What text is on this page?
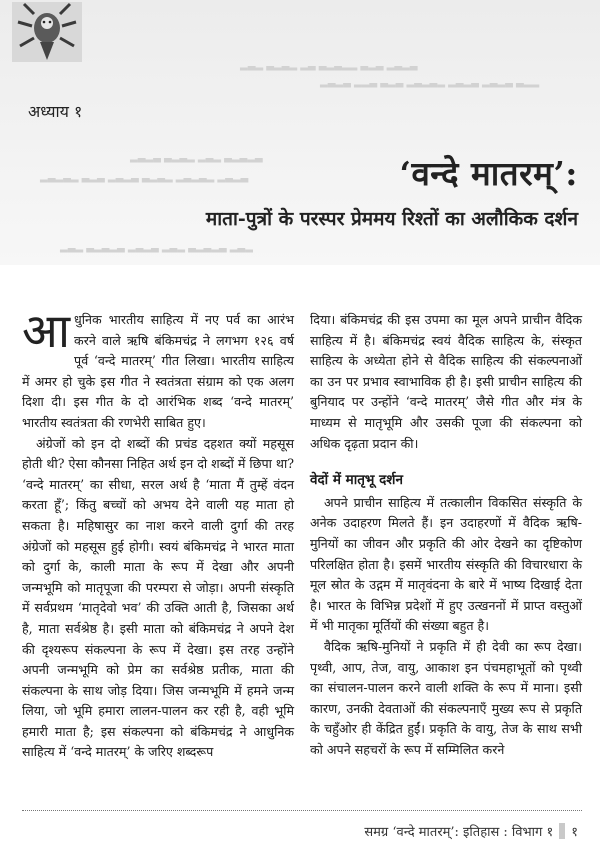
▂▃▂ ▃▂▃▂ ▂▃ ▃▂▃▂▂ ▃▂▃ ▂▃▂▃
▂▃▂▃ ▂▂▃ ▃▂▃ ▂▃▂▃▂ ▂▃▂▃ ▂▃▂▃ ▃▂▂
▂▃▂▃ ▃▂▃▂ ▂▃▂ ▃▂▃▂▃
▂▃▂▃▂ ▃▂▃ ▂▃▂▃ ▃▂▃▂ ▂▃▂▃▂ ▂▃▂▃
▂▃▂ ▃▂▃▂▃ ▂▃▂▃ ▂▃▂ ▃▂▃▂▃ ▂▃▂
अध्याय १
‘वन्दे मातरम्’:
माता-पुत्रों के परस्पर प्रेममय रिश्तों का अलौकिक दर्शन

आधुनिक भारतीय साहित्य में नए पर्व का आरंभ करने वाले ऋषि बंकिमचंद्र ने लगभग १२६ वर्ष पूर्व ‘वन्दे मातरम्’ गीत लिखा। भारतीय साहित्य में अमर हो चुके इस गीत ने स्वतंत्रता संग्राम को एक अलग दिशा दी। इस गीत के दो आरंभिक शब्द ‘वन्दे मातरम्’ भारतीय स्वतंत्रता की रणभेरी साबित हुए।

अंग्रेजों को इन दो शब्दों की प्रचंड दहशत क्यों महसूस होती थी? ऐसा कौनसा निहित अर्थ इन दो शब्दों में छिपा था? ‘वन्दे मातरम्’ का सीधा, सरल अर्थ है ‘माता मैं तुम्हें वंदन करता हूँ’; किंतु बच्चों को अभय देने वाली यह माता हो सकता है। महिषासुर का नाश करने वाली दुर्गा की तरह अंग्रेजों को महसूस हुई होगी। स्वयं बंकिमचंद्र ने भारत माता को दुर्गा के, काली माता के रूप में देखा और अपनी जन्मभूमि को मातृपूजा की परम्परा से जोड़ा। अपनी संस्कृति में सर्वप्रथम ‘मातृदेवो भव’ की उक्ति आती है, जिसका अर्थ है, माता सर्वश्रेष्ठ है। इसी माता को बंकिमचंद्र ने अपने देश की दृश्यरूप संकल्पना के रूप में देखा। इस तरह उन्होंने अपनी जन्मभूमि को प्रेम का सर्वश्रेष्ठ प्रतीक, माता की संकल्पना के साथ जोड़ दिया। जिस जन्मभूमि में हमने जन्म लिया, जो भूमि हमारा लालन-पालन कर रही है, वही भूमि हमारी माता है; इस संकल्पना को बंकिमचंद्र ने आधुनिक साहित्य में ‘वन्दे मातरम्’ के जरिए शब्दरूप

दिया। बंकिमचंद्र की इस उपमा का मूल अपने प्राचीन वैदिक साहित्य में है। बंकिमचंद्र स्वयं वैदिक साहित्य के, संस्कृत साहित्य के अध्येता होने से वैदिक साहित्य की संकल्पनाओं का उन पर प्रभाव स्वाभाविक ही है। इसी प्राचीन साहित्य की बुनियाद पर उन्होंने ‘वन्दे मातरम्’ जैसे गीत और मंत्र के माध्यम से मातृभूमि और उसकी पूजा की संकल्पना को अधिक दृढ़ता प्रदान की।

वेदों में मातृभू दर्शन

अपने प्राचीन साहित्य में तत्कालीन विकसित संस्कृति के अनेक उदाहरण मिलते हैं। इन उदाहरणों में वैदिक ऋषि-मुनियों का जीवन और प्रकृति की ओर देखने का दृष्टिकोण परिलक्षित होता है। इसमें भारतीय संस्कृति की विचारधारा के मूल स्रोत के उद्गम में मातृवंदना के बारे में भाष्य दिखाई देता है। भारत के विभिन्न प्रदेशों में हुए उत्खननों में प्राप्त वस्तुओं में भी मातृका मूर्तियों की संख्या बहुत है।

वैदिक ऋषि-मुनियों ने प्रकृति में ही देवी का रूप देखा। पृथ्वी, आप, तेज, वायु, आकाश इन पंचमहाभूतों को पृथ्वी का संचालन-पालन करने वाली शक्ति के रूप में माना। इसी कारण, उनकी देवताओं की संकल्पनाएँ मुख्य रूप से प्रकृति के चहुँओर ही केंद्रित हुईं। प्रकृति के वायु, तेज के साथ सभी को अपने सहचरों के रूप में सम्मिलित करने

समग्र ‘वन्दे मातरम्’: इतिहास : विभाग १ १
